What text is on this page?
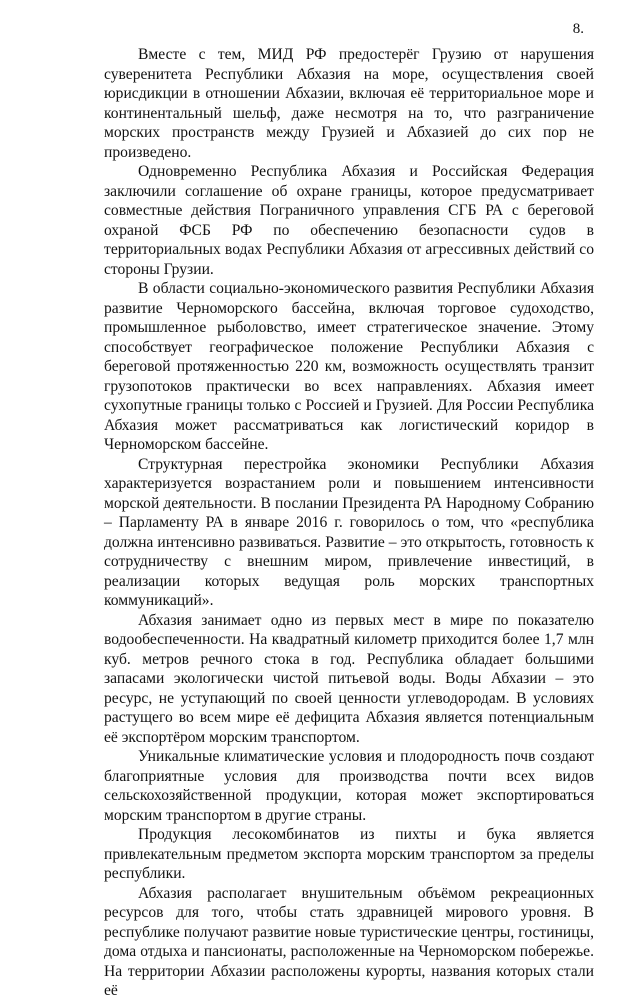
8.

Вместе с тем, МИД РФ предостерёг Грузию от нарушения суверенитета Республики Абхазия на море, осуществления своей юрисдикции в отношении Абхазии, включая её территориальное море и континентальный шельф, даже несмотря на то, что разграничение морских пространств между Грузией и Абхазией до сих пор не произведено.

Одновременно Республика Абхазия и Российская Федерация заключили соглашение об охране границы, которое предусматривает совместные действия Пограничного управления СГБ РА с береговой охраной ФСБ РФ по обеспечению безопасности судов в территориальных водах Республики Абхазия от агрессивных действий со стороны Грузии.

В области социально-экономического развития Республики Абхазия развитие Черноморского бассейна, включая торговое судоходство, промышленное рыболовство, имеет стратегическое значение. Этому способствует географическое положение Республики Абхазия с береговой протяженностью 220 км, возможность осуществлять транзит грузопотоков практически во всех направлениях. Абхазия имеет сухопутные границы только с Россией и Грузией. Для России Республика Абхазия может рассматриваться как логистический коридор в Черноморском бассейне.

Структурная перестройка экономики Республики Абхазия характеризуется возрастанием роли и повышением интенсивности морской деятельности. В послании Президента РА Народному Собранию – Парламенту РА в январе 2016 г. говорилось о том, что «республика должна интенсивно развиваться. Развитие – это открытость, готовность к сотрудничеству с внешним миром, привлечение инвестиций, в реализации которых ведущая роль морских транспортных коммуникаций».

Абхазия занимает одно из первых мест в мире по показателю водообеспеченности. На квадратный километр приходится более 1,7 млн куб. метров речного стока в год. Республика обладает большими запасами экологически чистой питьевой воды. Воды Абхазии – это ресурс, не уступающий по своей ценности углеводородам. В условиях растущего во всем мире её дефицита Абхазия является потенциальным её экспортёром морским транспортом.

Уникальные климатические условия и плодородность почв создают благоприятные условия для производства почти всех видов сельскохозяйственной продукции, которая может экспортироваться морским транспортом в другие страны.

Продукция лесокомбинатов из пихты и бука является привлекательным предметом экспорта морским транспортом за пределы республики.

Абхазия располагает внушительным объёмом рекреационных ресурсов для того, чтобы стать здравницей мирового уровня. В республике получают развитие новые туристические центры, гостиницы, дома отдыха и пансионаты, расположенные на Черноморском побережье. На территории Абхазии расположены курорты, названия которых стали её
